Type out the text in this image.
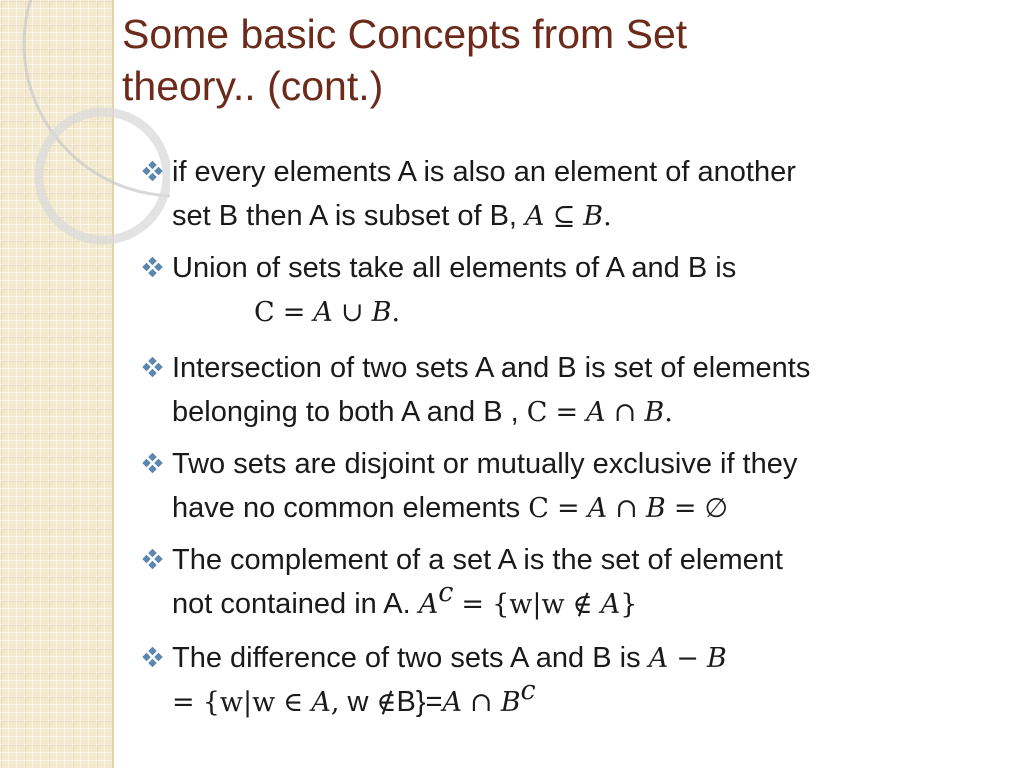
Some basic Concepts from Set
theory.. (cont.)
if every elements A is also an element of another
set B then A is subset of B, A ⊆ B.
Union of sets take all elements of A and B is
C = A ∪ B.
Intersection of two sets A and B is set of elements
belonging to both A and B , C = A ∩ B.
Two sets are disjoint or mutually exclusive if they
have no common elements C = A ∩ B = ∅
The complement of a set A is the set of element
not contained in A. $A^c = \{w|w$ ∉ A}
The difference of two sets A and B is A − B
= {w|w ∈ A, w ∉B}=A ∩ $B^c$
